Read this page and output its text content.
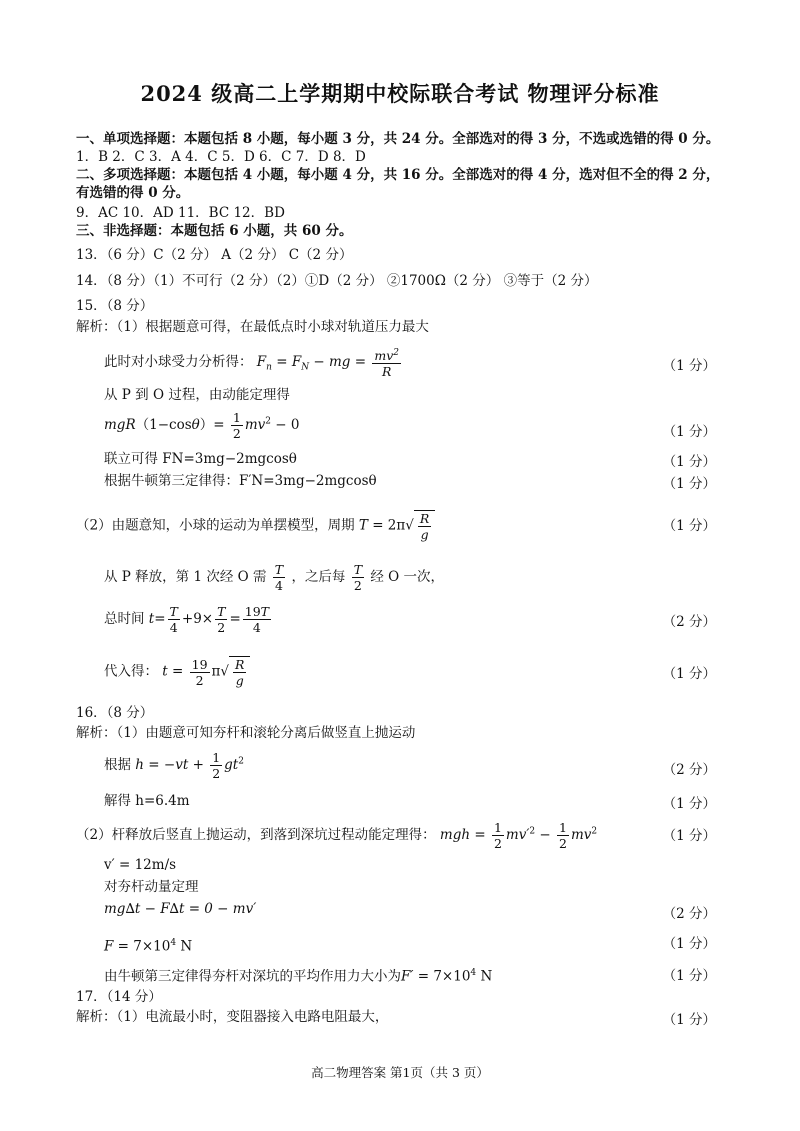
2024 级高二上学期期中校际联合考试 物理评分标准
一、单项选择题：本题包括 8 小题，每小题 3 分，共 24 分。全部选对的得 3 分，不选或选错的得 0 分。
1．B 2．C 3．A 4．C 5．D 6．C 7．D 8．D
二、多项选择题：本题包括 4 小题，每小题 4 分，共 16 分。全部选对的得 4 分，选对但不全的得 2 分，
有选错的得 0 分。
9．AC 10．AD 11．BC 12．BD
三、非选择题：本题包括 6 小题，共 60 分。
13．（6 分）C（2 分） A（2 分） C（2 分）
14．（8 分）（1）不可行（2 分）（2）①D（2 分） ②1700Ω（2 分） ③等于（2 分）
15．（8 分）
解析：（1）根据题意可得，在最低点时小球对轨道压力最大
此时对小球受力分析得： $F_n = F_N$ − mg = $\frac{mv^2}{R}$	（1 分）
从 P 到 O 过程，由动能定理得
$mgR(1-\cos\theta)= \frac{1}{2} mv^2 - 0$	（1 分）
联立可得 FN=3mg−2mgcosθ	（1 分）
根据牛顿第三定律得：F′N=3mg−2mgcosθ	（1 分）
（2）由题意知，小球的运动为单摆模型，周期 $T = 2\pi√ \frac{R}{g}$	（1 分）
从 P 释放，第 1 次经 O 需 $\frac{T}{4}$ ，之后每 $\frac{T}{2}$ 经 O 一次，
总时间 $t= \frac{T}{4} +9\times \frac{T}{2} = \frac{19T}{4}$	（2 分）
代入得： $t = \frac{19}{2} \pi√ \frac{R}{g}$	（1 分）
16．（8 分）
解析：（1）由题意可知夯杆和滚轮分离后做竖直上抛运动
根据 $h = -vt + \frac{1}{2} gt^2$
（2 分）
解得 h=6.4m	（1 分）
（2）杆释放后竖直上抛运动，到落到深坑过程动能定理得： mgh = $\frac{1}{2} mv'^2 - \frac{1}{2} mv^2$	（1 分）
v′ = 12m/s
对夯杆动量定理
mg∆t − F∆t = 0 − mv′	（2 分）
$F = 7\times 10^4$ N	（1 分）
由牛顿第三定律得夯杆对深坑的平均作用力大小为$F' = 7\times 10^4$ N	（1 分）
17．（14 分）
解析：（1）电流最小时，变阻器接入电路电阻最大，	（1 分）
高二物理答案 第1页（共 3 页）
